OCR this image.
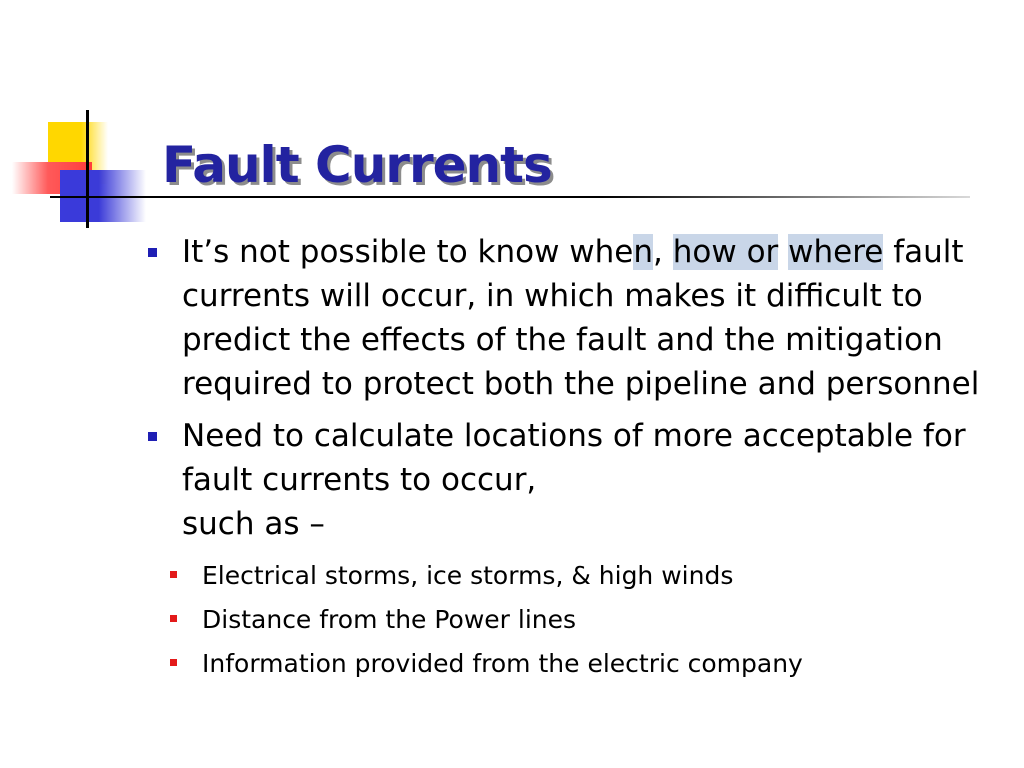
Fault Currents
It’s not possible to know when, how or where fault currents will occur, in which makes it difficult to predict the effects of the fault and the mitigation required to protect both the pipeline and personnel
Need to calculate locations of more acceptable for fault currents to occur,
such as –
Electrical storms, ice storms, & high winds
Distance from the Power lines
Information provided from the electric company
